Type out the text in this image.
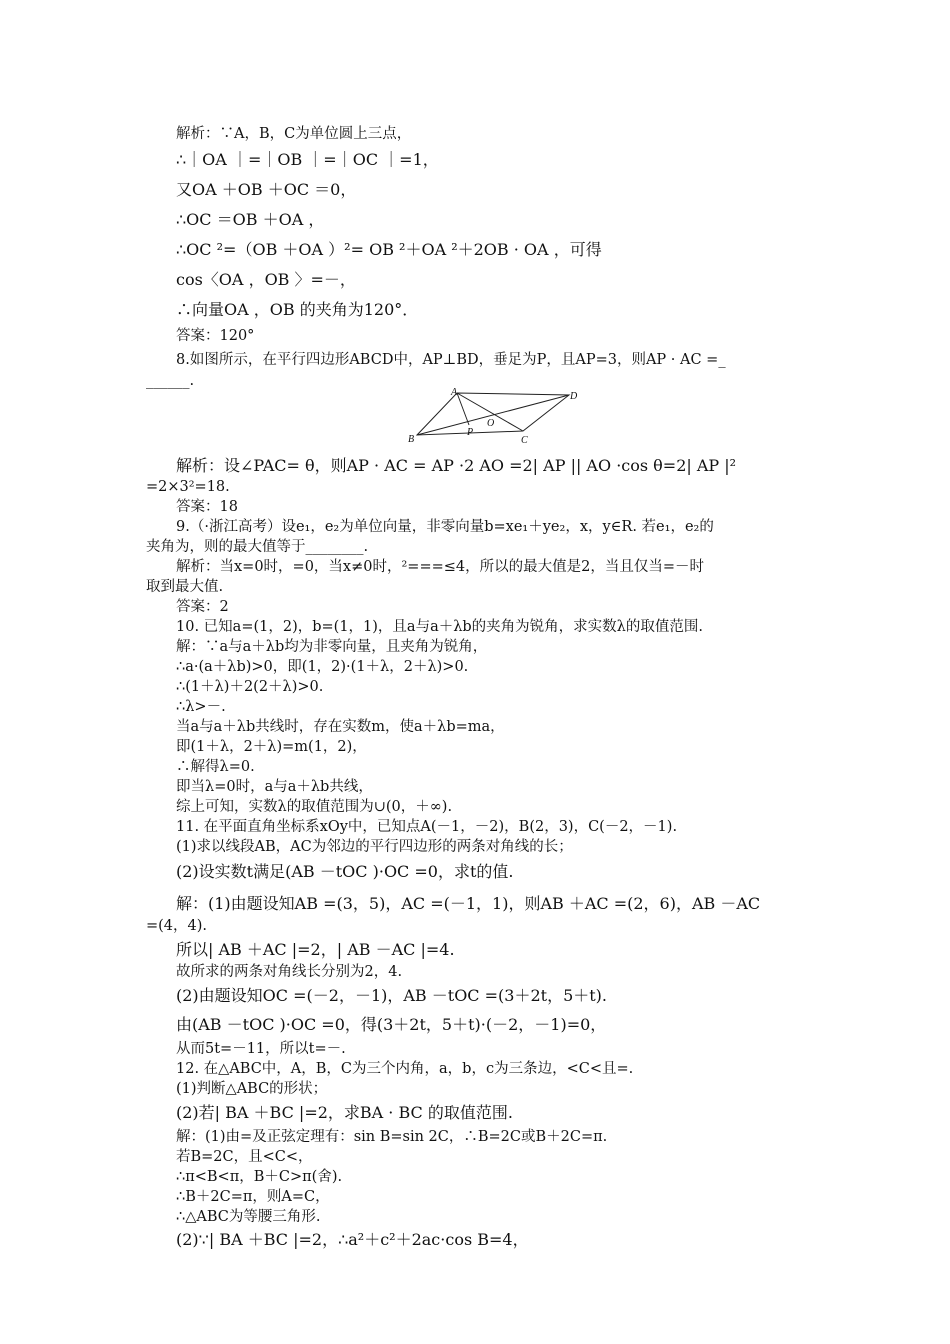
解析：∵A，B，C为单位圆上三点，
∴｜OA ｜=｜OB ｜=｜OC ｜=1，
又OA ＋OB ＋OC ＝0，
∴OC ＝OB ＋OA ，
∴OC ²=（OB ＋OA ）²= OB ²＋OA ²＋2OB · OA ，可得
cos〈OA ，OB 〉=－，
∴向量OA ，OB 的夹角为120°．
答案：120°
8.如图所示，在平行四边形ABCD中，AP⊥BD，垂足为P，且AP=3，则AP · AC =_
______.
A
B	C
D
P
O
解析：设∠PAC= θ，则AP · AC = AP ·2 AO =2| AP || AO ·cos θ=2| AP |²
=2×3²=18.
答案：18
9.（·浙江高考）设e₁，e₂为单位向量，非零向量b=xe₁＋ye₂，x，y∈R. 若e₁，e₂的
夹角为，则的最大值等于________.
解析：当x=0时，=0，当x≠0时，²===≤4，所以的最大值是2，当且仅当=－时
取到最大值.
答案：2
10. 已知a=(1，2)，b=(1，1)，且a与a＋λb的夹角为锐角，求实数λ的取值范围.
解：∵a与a＋λb均为非零向量，且夹角为锐角，
∴a·(a＋λb)>0，即(1，2)·(1＋λ，2＋λ)>0.
∴(1＋λ)＋2(2＋λ)>0.
∴λ>－.
当a与a＋λb共线时，存在实数m，使a＋λb=ma，
即(1＋λ，2＋λ)=m(1，2)，
∴解得λ=0.
即当λ=0时，a与a＋λb共线，
综上可知，实数λ的取值范围为∪(0，＋∞).
11. 在平面直角坐标系xOy中，已知点A(－1，－2)，B(2，3)，C(－2，－1).
(1)求以线段AB，AC为邻边的平行四边形的两条对角线的长；
(2)设实数t满足(AB －tOC )·OC =0，求t的值.
解：(1)由题设知AB =(3，5)，AC =(－1，1)，则AB ＋AC =(2，6)，AB －AC
=(4，4).
所以| AB ＋AC |=2，| AB －AC |=4.
故所求的两条对角线长分别为2，4.
(2)由题设知OC =(－2，－1)，AB －tOC =(3＋2t，5＋t).
由(AB －tOC )·OC =0，得(3＋2t，5＋t)·(－2，－1)=0，
从而5t=－11，所以t=－.
12. 在△ABC中，A，B，C为三个内角，a，b，c为三条边，<C<且=.
(1)判断△ABC的形状；
(2)若| BA ＋BC |=2，求BA · BC 的取值范围.
解：(1)由=及正弦定理有：sin B=sin 2C，∴B=2C或B＋2C=π.
若B=2C，且<C<，
∴π<B<π，B＋C>π(舍).
∴B＋2C=π，则A=C，
∴△ABC为等腰三角形.
(2)∵| BA ＋BC |=2，∴a²＋c²＋2ac·cos B=4，
